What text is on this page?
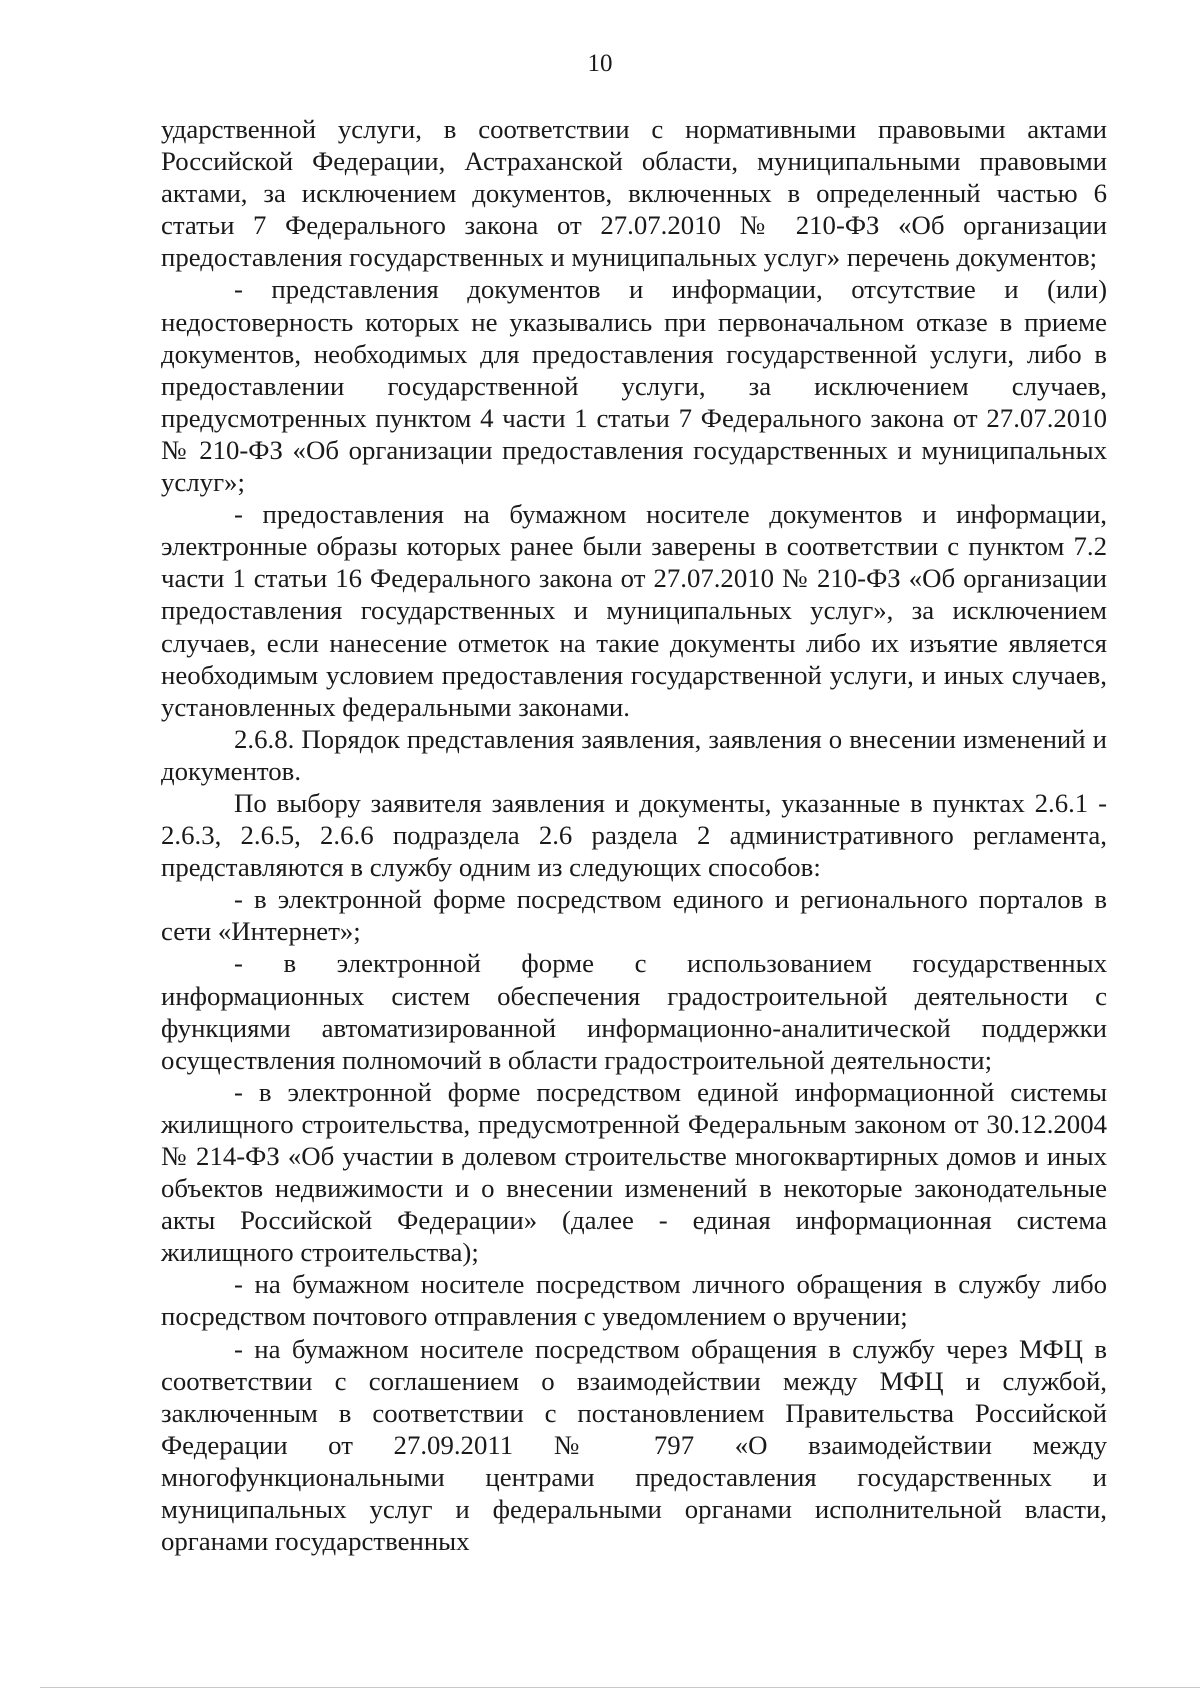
10

ударственной услуги, в соответствии с нормативными правовыми актами Российской Федерации, Астраханской области, муниципальными правовыми актами, за исключением документов, включенных в определенный частью 6 статьи 7 Федерального закона от 27.07.2010 № 210-ФЗ «Об организации предоставления государственных и муниципальных услуг» перечень документов;

- представления документов и информации, отсутствие и (или) недостоверность которых не указывались при первоначальном отказе в приеме документов, необходимых для предоставления государственной услуги, либо в предоставлении государственной услуги, за исключением случаев, предусмотренных пунктом 4 части 1 статьи 7 Федерального закона от 27.07.2010 № 210-ФЗ «Об организации предоставления государственных и муниципальных услуг»;

- предоставления на бумажном носителе документов и информации, электронные образы которых ранее были заверены в соответствии с пунктом 7.2 части 1 статьи 16 Федерального закона от 27.07.2010 № 210-ФЗ «Об организации предоставления государственных и муниципальных услуг», за исключением случаев, если нанесение отметок на такие документы либо их изъятие является необходимым условием предоставления государственной услуги, и иных случаев, установленных федеральными законами.

2.6.8. Порядок представления заявления, заявления о внесении изменений и документов.

По выбору заявителя заявления и документы, указанные в пунктах 2.6.1 - 2.6.3, 2.6.5, 2.6.6 подраздела 2.6 раздела 2 административного регламента, представляются в службу одним из следующих способов:

- в электронной форме посредством единого и регионального порталов в сети «Интернет»;

- в электронной форме с использованием государственных информационных систем обеспечения градостроительной деятельности с функциями автоматизированной информационно-аналитической поддержки осуществления полномочий в области градостроительной деятельности;

- в электронной форме посредством единой информационной системы жилищного строительства, предусмотренной Федеральным законом от 30.12.2004 № 214-ФЗ «Об участии в долевом строительстве многоквартирных домов и иных объектов недвижимости и о внесении изменений в некоторые законодательные акты Российской Федерации» (далее - единая информационная система жилищного строительства);

- на бумажном носителе посредством личного обращения в службу либо посредством почтового отправления с уведомлением о вручении;

- на бумажном носителе посредством обращения в службу через МФЦ в соответствии с соглашением о взаимодействии между МФЦ и службой, заключенным в соответствии с постановлением Правительства Российской Федерации от 27.09.2011 № 797 «О взаимодействии между многофункциональными центрами предоставления государственных и муниципальных услуг и федеральными органами исполнительной власти, органами государственных
